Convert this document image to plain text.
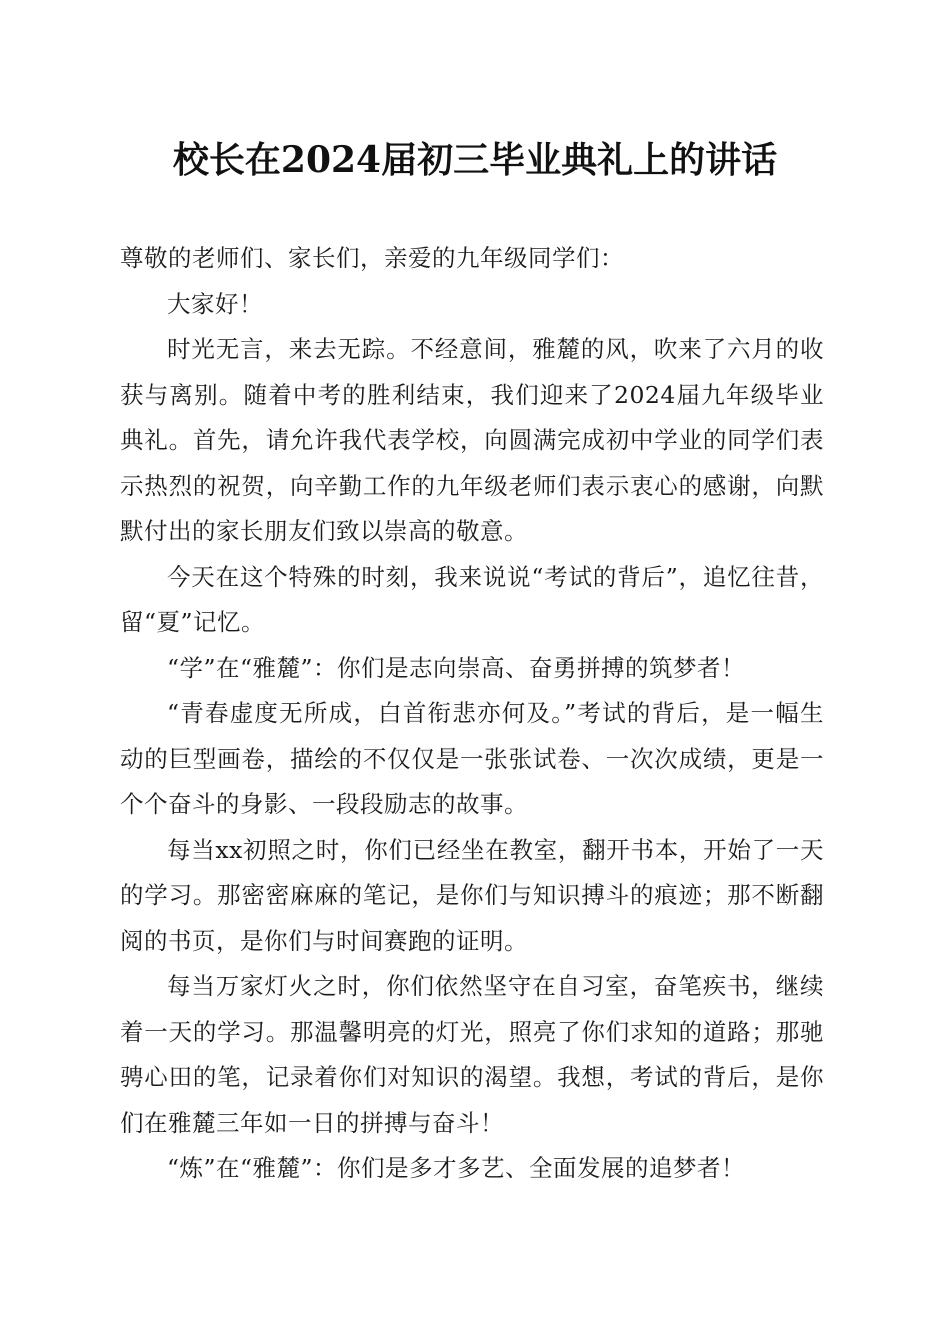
校长在2024届初三毕业典礼上的讲话

尊敬的老师们、家长们，亲爱的九年级同学们：

大家好！

时光无言，来去无踪。不经意间，雅麓的风，吹来了六月的收获与离别。随着中考的胜利结束，我们迎来了2024届九年级毕业典礼。首先，请允许我代表学校，向圆满完成初中学业的同学们表示热烈的祝贺，向辛勤工作的九年级老师们表示衷心的感谢，向默默付出的家长朋友们致以崇高的敬意。

今天在这个特殊的时刻，我来说说“考试的背后”，追忆往昔，留“夏”记忆。

“学”在“雅麓”：你们是志向崇高、奋勇拼搏的筑梦者！

“青春虚度无所成，白首衔悲亦何及。”考试的背后，是一幅生动的巨型画卷，描绘的不仅仅是一张张试卷、一次次成绩，更是一个个奋斗的身影、一段段励志的故事。

每当xx初照之时，你们已经坐在教室，翻开书本，开始了一天的学习。那密密麻麻的笔记，是你们与知识搏斗的痕迹；那不断翻阅的书页，是你们与时间赛跑的证明。

每当万家灯火之时，你们依然坚守在自习室，奋笔疾书，继续着一天的学习。那温馨明亮的灯光，照亮了你们求知的道路；那驰骋心田的笔，记录着你们对知识的渴望。我想，考试的背后，是你们在雅麓三年如一日的拼搏与奋斗！

“炼”在“雅麓”：你们是多才多艺、全面发展的追梦者！
